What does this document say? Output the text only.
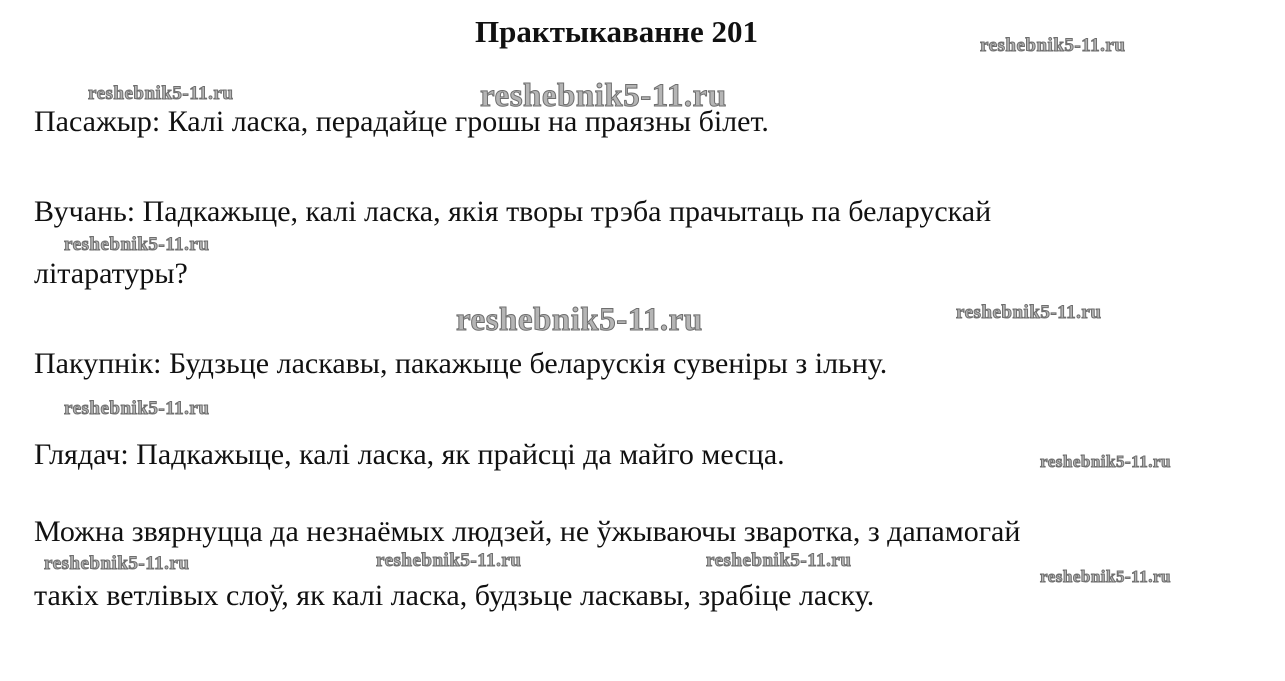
Практыкаванне 201
Пасажыр: Калі ласка, перадайце грошы на праязны білет.
Вучань: Падкажыце, калі ласка, якія творы трэба прачытаць па беларускай
літаратуры?
Пакупнік: Будзьце ласкавы, пакажыце беларускія сувеніры з ільну.
Глядач: Падкажыце, калі ласка, як прайсці да майго месца.
Можна звярнуцца да незнаёмых людзей, не ўжываючы зваротка, з дапамогай
такіх ветлівых слоў, як калі ласка, будзьце ласкавы, зрабіце ласку.
reshebnik5-11.ru
reshebnik5-11.ru	reshebnik5-11.ru
reshebnik5-11.ru
reshebnik5-11.ru	reshebnik5-11.ru
reshebnik5-11.ru
reshebnik5-11.ru
reshebnik5-11.ru	reshebnik5-11.ru	reshebnik5-11.ru
reshebnik5-11.ru
